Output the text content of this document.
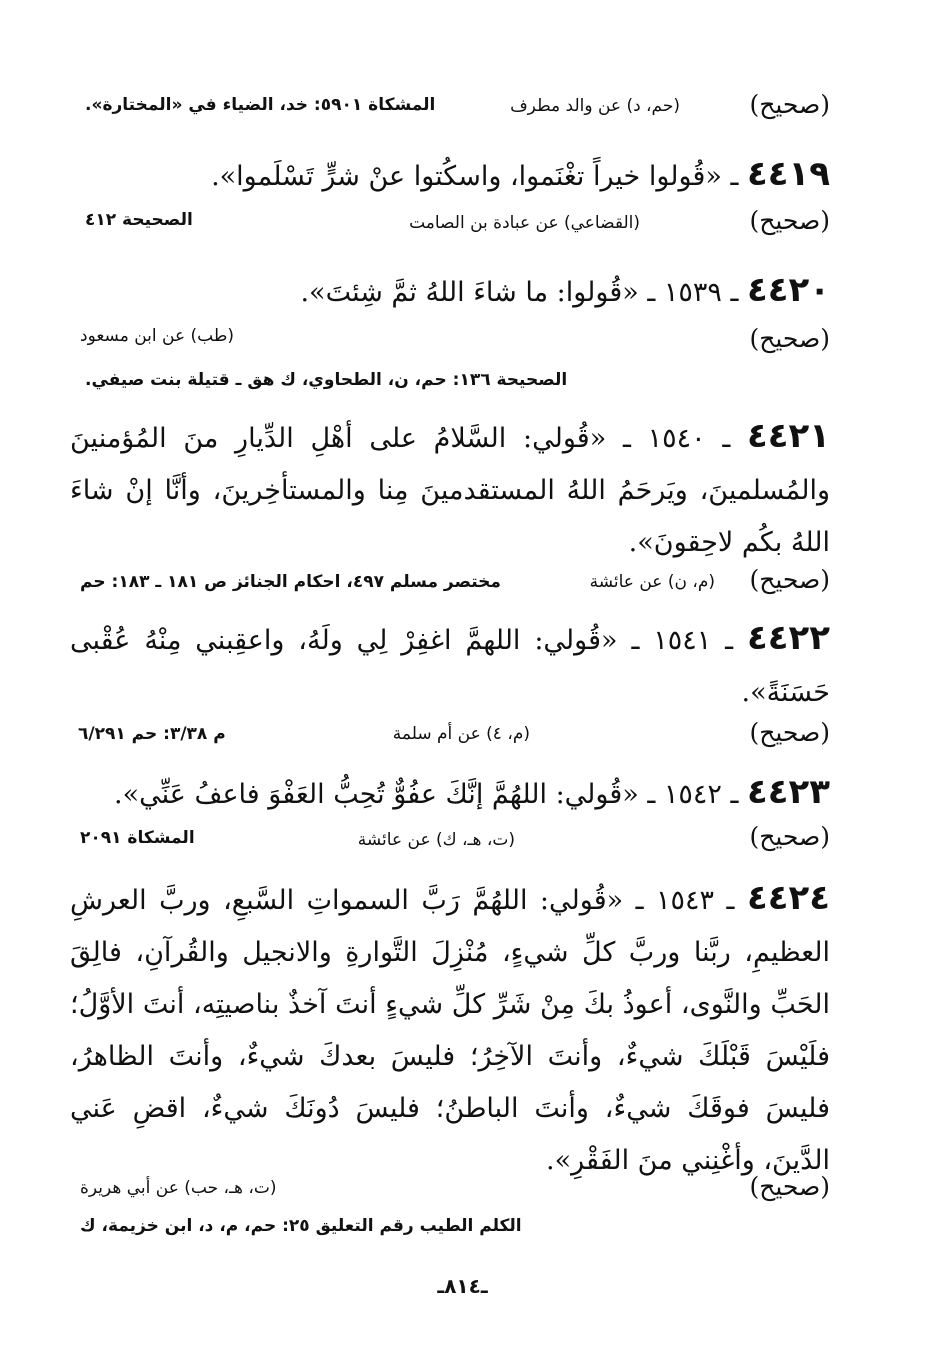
(صحيح)
(حم، د) عن والد مطرف
المشكاة ٥٩٠١: خد، الضياء في «المختارة».
٤٤١٩ ـ «قُولوا خيراً تغْنَموا، واسكُتوا عنْ شرٍّ تَسْلَموا».
(صحيح)
(القضاعي) عن عبادة بن الصامت
الصحيحة ٤١٢
٤٤٢٠ ـ ١٥٣٩ ـ «قُولوا: ما شاءَ اللهُ ثمَّ شِئتَ».
(صحيح)
(طب) عن ابن مسعود
الصحيحة ١٣٦: حم، ن، الطحاوي، ك هق ـ قتيلة بنت صيفي.
٤٤٢١ ـ ١٥٤٠ ـ «قُولي: السَّلامُ على أهْلِ الدِّيارِ منَ المُؤمنينَ والمُسلمينَ، ويَرحَمُ اللهُ المستقدمينَ مِنا والمستأخِرينَ، وأنَّا إنْ شاءَ اللهُ بكُم لاحِقونَ».
(صحيح)
(م، ن) عن عائشة
مختصر مسلم ٤٩٧، احكام الجنائز ص ١٨١ ـ ١٨٣: حم
٤٤٢٢ ـ ١٥٤١ ـ «قُولي: اللهمَّ اغفِرْ لِي ولَهُ، واعقِبني مِنْهُ عُقْبى حَسَنَةً».
(صحيح)
(م، ٤) عن أم سلمة
م ٣/٣٨: حم ٦/٢٩١
٤٤٢٣ ـ ١٥٤٢ ـ «قُولي: اللهُمَّ إنَّكَ عفُوٌّ تُحِبُّ العَفْوَ فاعفُ عَنِّي».
(صحيح)
(ت، هـ، ك) عن عائشة
المشكاة ٢٠٩١
٤٤٢٤ ـ ١٥٤٣ ـ «قُولي: اللهُمَّ رَبَّ السمواتِ السَّبعِ، وربَّ العرشِ العظيمِ، ربَّنا وربَّ كلِّ شيءٍ، مُنْزِلَ التَّوارةِ والانجيل والقُرآنِ، فالِقَ الحَبِّ والنَّوى، أعوذُ بكَ مِنْ شَرِّ كلِّ شيءٍ أنتَ آخذٌ بناصيتِه، أنتَ الأوَّلُ؛ فلَيْسَ قَبْلَكَ شيءٌ، وأنتَ الآخِرُ؛ فليسَ بعدكَ شيءٌ، وأنتَ الظاهرُ، فليسَ فوقَكَ شيءٌ، وأنتَ الباطنُ؛ فليسَ دُونَكَ شيءٌ، اقضِ عَني الدَّينَ، وأغْنِني منَ الفَقْرِ».
(صحيح)
(ت، هـ، حب) عن أبي هريرة
الكلم الطيب رقم التعليق ٢٥: حم، م، د، ابن خزيمة، ك
ـ٨١٤ـ
